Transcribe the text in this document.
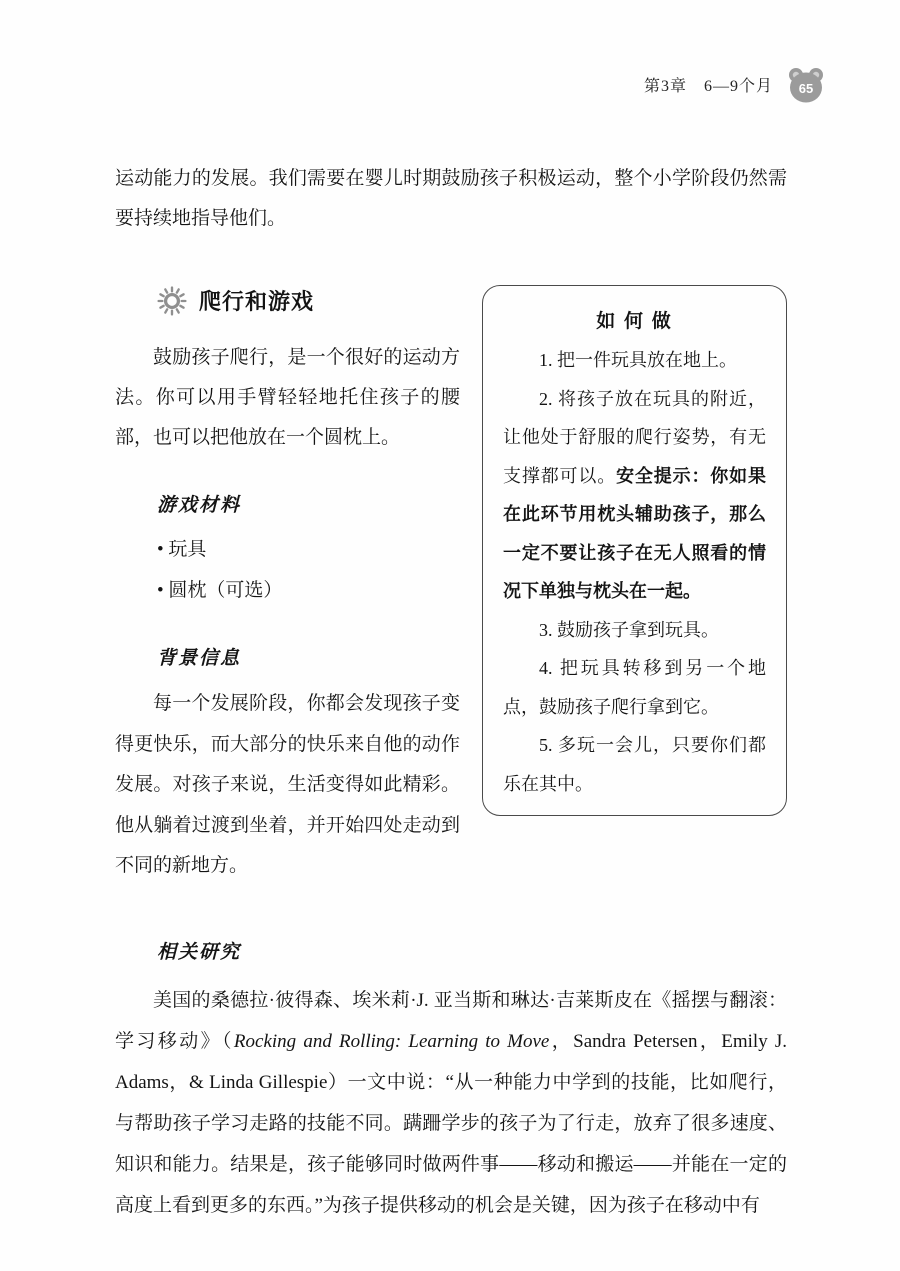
第3章　6—9个月	65

运动能力的发展。我们需要在婴儿时期鼓励孩子积极运动，整个小学阶段仍然需要持续地指导他们。

爬行和游戏

鼓励孩子爬行，是一个很好的运动方法。你可以用手臂轻轻地托住孩子的腰部，也可以把他放在一个圆枕上。

游戏材料
• 玩具
• 圆枕（可选）
背景信息

每一个发展阶段，你都会发现孩子变得更快乐，而大部分的快乐来自他的动作发展。对孩子来说，生活变得如此精彩。他从躺着过渡到坐着，并开始四处走动到不同的新地方。

如 何 做

1. 把一件玩具放在地上。

2. 将孩子放在玩具的附近，让他处于舒服的爬行姿势，有无支撑都可以。安全提示：你如果在此环节用枕头辅助孩子，那么一定不要让孩子在无人照看的情况下单独与枕头在一起。

3. 鼓励孩子拿到玩具。

4. 把玩具转移到另一个地点，鼓励孩子爬行拿到它。

5. 多玩一会儿，只要你们都乐在其中。

相关研究

美国的桑德拉·彼得森、埃米莉·J. 亚当斯和琳达·吉莱斯皮在《摇摆与翻滚：学习移动》（Rocking and Rolling: Learning to Move，Sandra Petersen，Emily J. Adams，& Linda Gillespie）一文中说：“从一种能力中学到的技能，比如爬行，与帮助孩子学习走路的技能不同。蹒跚学步的孩子为了行走，放弃了很多速度、知识和能力。结果是，孩子能够同时做两件事——移动和搬运——并能在一定的高度上看到更多的东西。”为孩子提供移动的机会是关键，因为孩子在移动中有
